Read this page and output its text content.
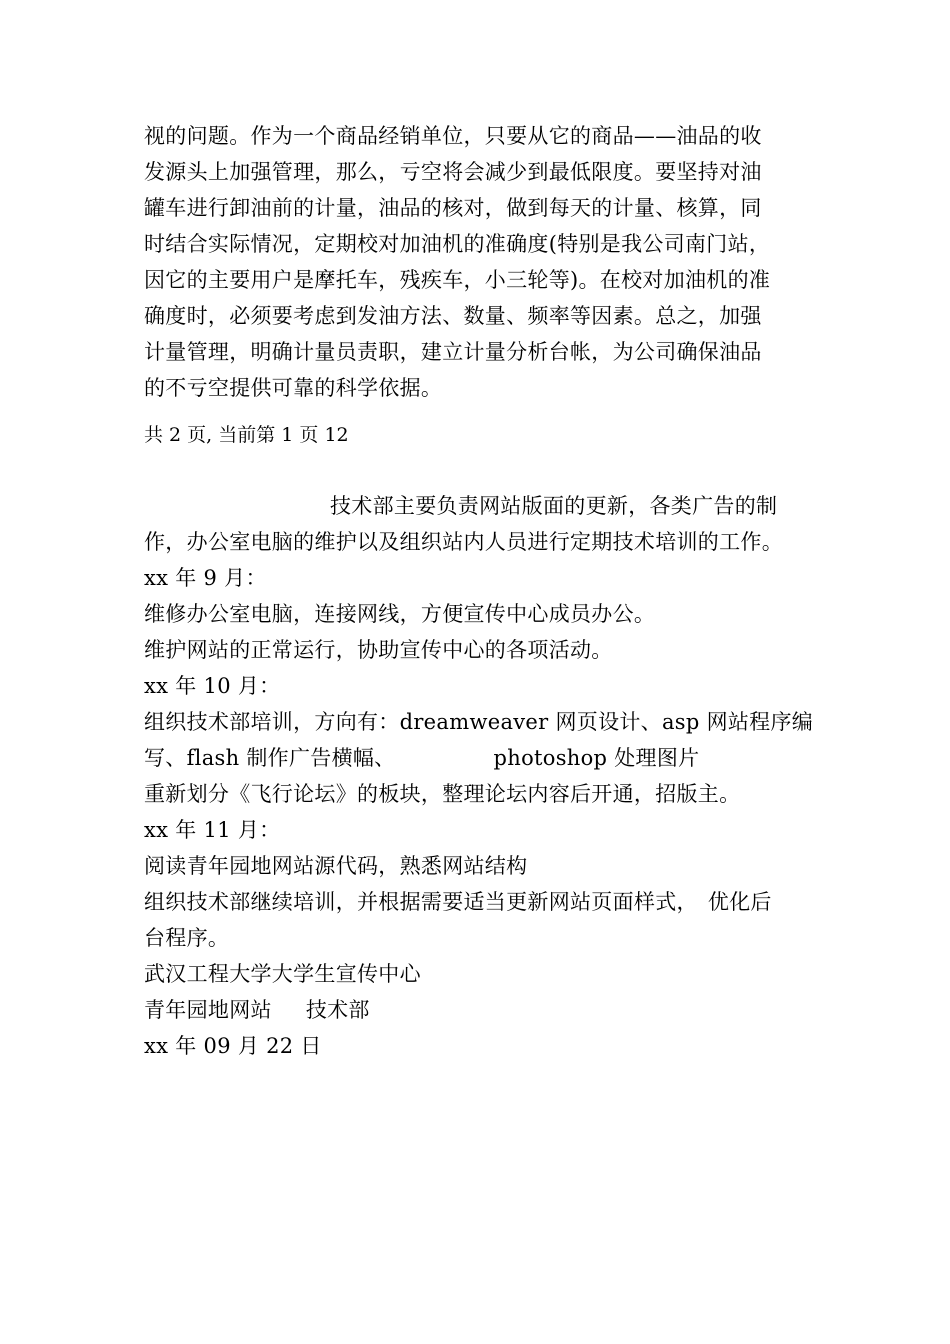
视的问题。作为一个商品经销单位，只要从它的商品——油品的收
发源头上加强管理，那么，亏空将会减少到最低限度。要坚持对油
罐车进行卸油前的计量，油品的核对，做到每天的计量、核算，同
时结合实际情况，定期校对加油机的准确度(特别是我公司南门站，
因它的主要用户是摩托车，残疾车，小三轮等)。在校对加油机的准
确度时，必须要考虑到发油方法、数量、频率等因素。总之，加强
计量管理，明确计量员责职，建立计量分析台帐，为公司确保油品
的不亏空提供可靠的科学依据。
共 2 页, 当前第 1 页 12
技术部主要负责网站版面的更新，各类广告的制
作，办公室电脑的维护以及组织站内人员进行定期技术培训的工作。
xx 年 9 月：
维修办公室电脑，连接网线，方便宣传中心成员办公。
维护网站的正常运行，协助宣传中心的各项活动。
xx 年 10 月：
组织技术部培训，方向有：dreamweaver 网页设计、asp 网站程序编
写、flash 制作广告横幅、	photoshop 处理图片
重新划分《飞行论坛》的板块，整理论坛内容后开通，招版主。
xx 年 11 月：
阅读青年园地网站源代码，熟悉网站结构
组织技术部继续培训，并根据需要适当更新网站页面样式， 优化后
台程序。
武汉工程大学大学生宣传中心
青年园地网站 技术部
xx 年 09 月 22 日
